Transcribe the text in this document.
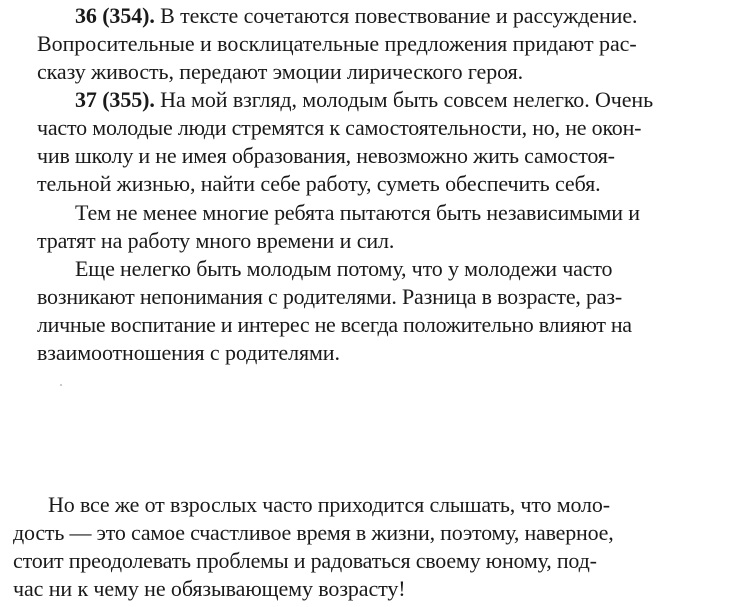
36 (354). В тексте сочетаются повествование и рассуждение.
Вопросительные и восклицательные предложения придают рас-
сказу живость, передают эмоции лирического героя.
37 (355). На мой взгляд, молодым быть совсем нелегко. Очень
часто молодые люди стремятся к самостоятельности, но, не окон-
чив школу и не имея образования, невозможно жить самостоя-
тельной жизнью, найти себе работу, суметь обеспечить себя.
Тем не менее многие ребята пытаются быть независимыми и
тратят на работу много времени и сил.
Еще нелегко быть молодым потому, что у молодежи часто
возникают непонимания с родителями. Разница в возрасте, раз-
личные воспитание и интерес не всегда положительно влияют на
взаимоотношения с родителями.
Но все же от взрослых часто приходится слышать, что моло-
дость — это самое счастливое время в жизни, поэтому, наверное,
стоит преодолевать проблемы и радоваться своему юному, под-
час ни к чему не обязывающему возрасту!
